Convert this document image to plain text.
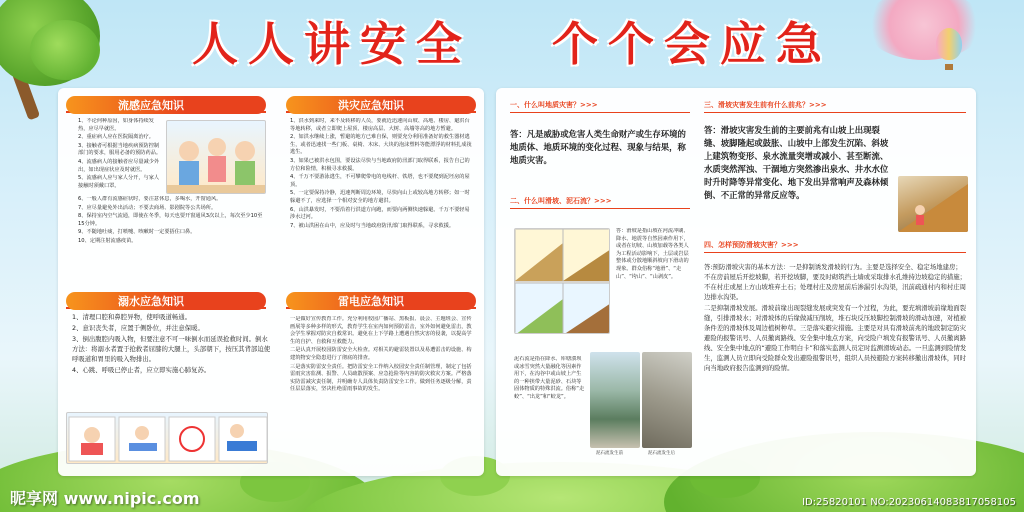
人人讲安全 个个会应急
流感应急知识

1、不论何种原因，如身体持续发热，应尽早就医。

2、重症病人应在医院隔离治疗。

3、接触者可根据当地疾病预防控制部门的要求，服用必备的预防药品。

4、流感病人的接触者应尽量减少外出，如出现症状应及时就医。

5、流感病人应与家人分开，与家人接触时须戴口罩。

6、一般人群有流感症状时，要注意休息，多喝水，开窗通风。

7、应尽量避免外出活动；不要去商场、影剧院等公共场所。

8、保持室内空气流通，即使在冬季，每天也要开窗通风3次以上，每次至少10至15分钟。

9、不随地吐痰，打喷嚏、咳嗽时一定要捂住口鼻。

10、定期注射流感疫苗。

洪灾应急知识

1、洪水到来时，来不及转移的人员，要就近迅速向山坡、高地、楼房、避洪台等地转移，或者立即爬上屋顶、楼房高层、大树、高墙等高的地方暂避。

2、如洪水继续上涨，暂避的地方已难自保，则要充分利用准备好的救生器材逃生，或者迅速找一些门板、桌椅、木床、大块的泡沫塑料等能漂浮的材料扎成筏逃生。

3、如果已被洪水包围，要设法尽快与当地政府防汛部门取得联系，报告自己的方位和险情，积极寻求救援。

4、千万不要游泳逃生，不可攀爬带电的电线杆、铁塔，也不要爬到泥坯房的屋顶。

5、一定要保持冷静，迅速判断周边环境，尽快向山上或较高地方转移；如一时躲避不了，应选择一个相对安全的地方避洪。

6、山洪暴发时，不要沿着行洪道方向跑，而要向两侧快速躲避。千万不要轻易涉水过河。

7、被山洪困在山中，应及时与当地政府防汛部门取得联系，寻求救援。

溺水应急知识

1、清理口腔和鼻腔异物，使呼吸道畅通。

2、意识丧失者，应置于侧卧位，并注意保暖。

3、倒出腹腔内吸入物，但要注意不可一味倒水而延误抢救时间。倒水方法：将溺水者置于抢救者屈膝的大腿上，头部朝下，按压其背部迫使呼吸道和胃里的吸入物排出。

4、心跳、呼吸已停止者，应立即实施心肺复苏。

雷电应急知识

一是做好宣传教育工作。充分利用校园广播站、黑板报、晨会、主题班会、宣传画展等多种多样的形式，教育学生在室内如何预防雷击，室外如何避免雷击，教会学生掌握对防灾自救常识。避免在上下学路上遭遇自然灾害的侵袭，以提高学生的自护、自救和互救能力。

二是认真开展校园防雷安全大检查。对相关的避雷装置以及易遭雷击的设施、构建筑物安全隐患进行了彻底的排查。

三是落实防雷安全责任。把防雷安全工作纳入校园安全责任制管理，制定了包括雷雨灾害监测、报警、人员疏散预案、应急抢险等内容的防灾救灾方案。严格落实防雷减灾责任制，并明确专人具体负责防雷安全工作。做到任务逐级分解，责任层层落实，坚决杜绝雷雨事故的发生。

一、什么叫地质灾害？>>>
答：凡是威胁或危害人类生命财产或生存环境的地质体、地质环境的变化过程、现象与结果，称地质灾害。
二、什么叫滑坡、泥石流？>>>
答：滑坡是指山坡在河流冲刷、降水、地震等自然因素作用下，或者在切坡、山坡加载等各类人为工程活动影响下，土层或岩层整体或分散地顺斜坡向下滑动的现象。群众俗称“地滑”、“走山”、“垮山”、“山剥皮”。
泥石流是指在降水、库塘溃坝或冰雪突然大量融化等因素作用下，在沟谷中或山坡上产生的一种挟带大量泥砂、石块等固体物质的特殊洪流。俗称“走蛟”、“出龙”和“蛟龙”。
泥石流发生前	泥石流发生后
三、滑坡灾害发生前有什么前兆？>>>
答：滑坡灾害发生前的主要前兆有山坡上出现裂缝、坡脚隆起或鼓胀、山坡中上部发生沉陷、斜坡上建筑物变形、泉水流量突增或减小、甚至断流、水质突然浑浊、干涸地方突然渗出泉水、井水水位时升时降等异常变化、地下发出异常响声及森林倾倒、不正常的异常反应等。
四、怎样预防滑坡灾害？>>>

答:预防滑坡灾害的基本方法：一是抑制诱发滑坡的行为。主要是选择安全、稳定场地建房；不在房前屋后开挖坡脚，若开挖坡脚，要及时砌筑挡土墙或采取排水孔维持边坡稳定的措施；不在村庄或屋上方山坡堆弃土石；处理村庄及房屋前后渗漏引水沟渠，汛前疏通村内和村庄周边排水沟渠。

二是抑制滑坡发展。滑坡前缘出现裂缝发展或突发有一个过程，为此，要充填滑坡前缘地面裂缝，引排滑坡水；对滑坡体的后缘做减压削坡，堆石块反压坡脚控制滑坡的滑动加速，对植被条件差的滑坡体及周边植树种草。三是落实避灾措施。主要是对具有滑坡前兆的地段制定防灾避险的报警讯号、人员撤离路线、安全集中地点方案，向受险户填发有报警讯号、人员撤离路线、安全集中地点的“避险工作明白卡”和落实监测人员定时监测滑坡动态。一旦监测到险情发生，监测人员立即向受险群众发出避险报警讯号，组织人员按避险方案转移撤出滑坡体，同时向当地政府报告监测到的险情。

昵享网 www.nipic.com	ID:25820101 NO:20230614083817058105
